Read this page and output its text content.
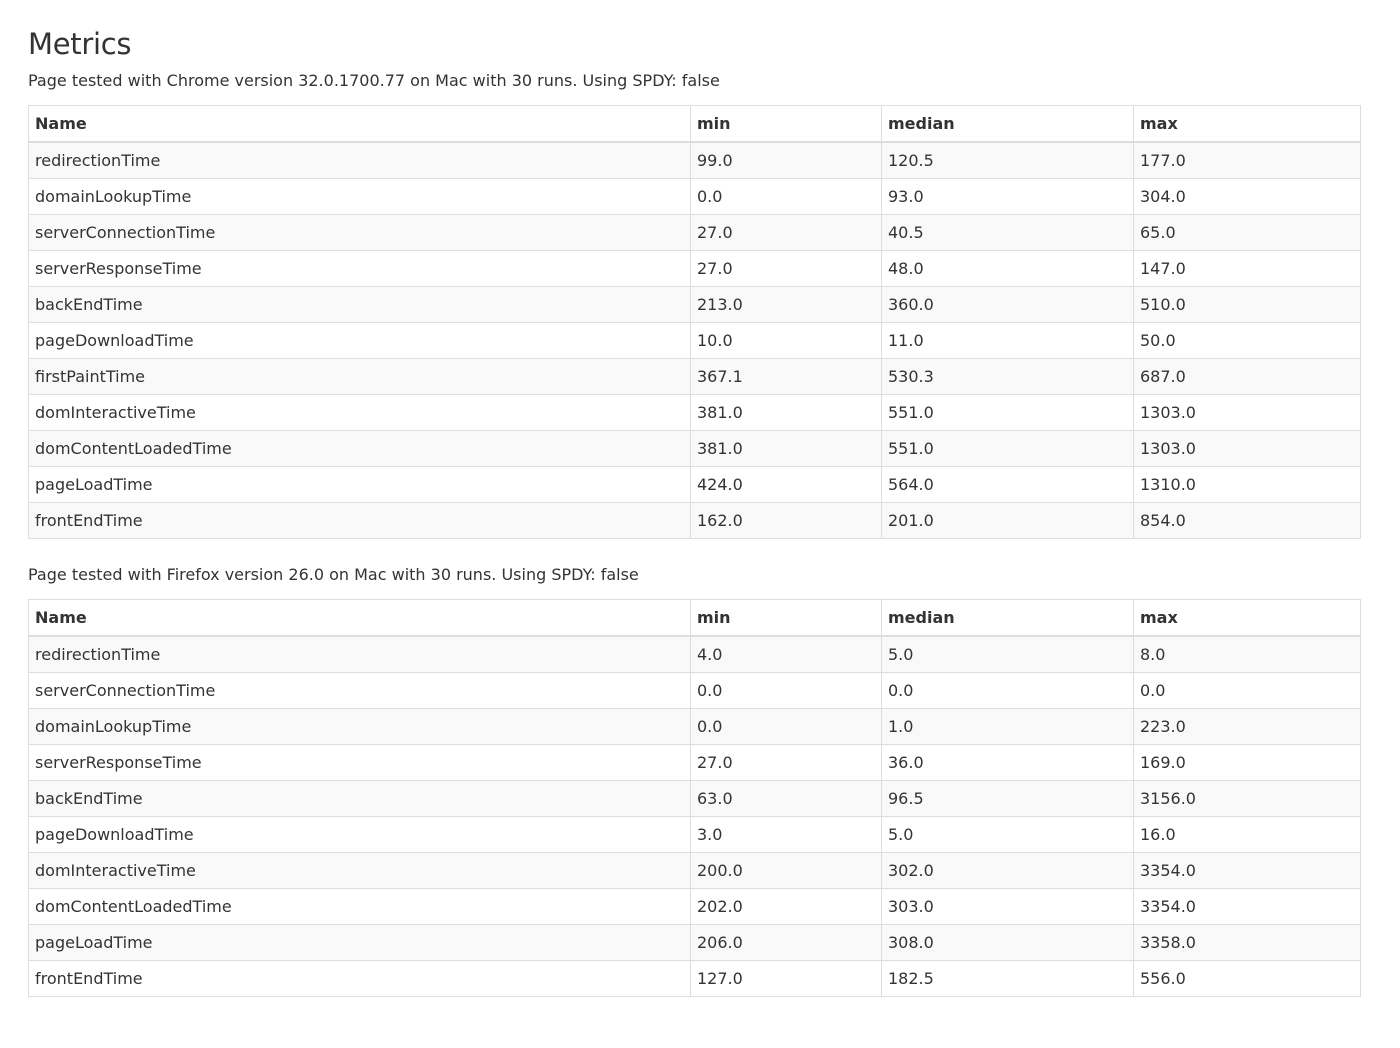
Metrics

Page tested with Chrome version 32.0.1700.77 on Mac with 30 runs. Using SPDY: false

Name	min	median	max
redirectionTime	99.0	120.5	177.0
domainLookupTime	0.0	93.0	304.0
serverConnectionTime	27.0	40.5	65.0
serverResponseTime	27.0	48.0	147.0
backEndTime	213.0	360.0	510.0
pageDownloadTime	10.0	11.0	50.0
firstPaintTime	367.1	530.3	687.0
domInteractiveTime	381.0	551.0	1303.0
domContentLoadedTime	381.0	551.0	1303.0
pageLoadTime	424.0	564.0	1310.0
frontEndTime	162.0	201.0	854.0

Page tested with Firefox version 26.0 on Mac with 30 runs. Using SPDY: false

Name	min	median	max
redirectionTime	4.0	5.0	8.0
serverConnectionTime	0.0	0.0	0.0
domainLookupTime	0.0	1.0	223.0
serverResponseTime	27.0	36.0	169.0
backEndTime	63.0	96.5	3156.0
pageDownloadTime	3.0	5.0	16.0
domInteractiveTime	200.0	302.0	3354.0
domContentLoadedTime	202.0	303.0	3354.0
pageLoadTime	206.0	308.0	3358.0
frontEndTime	127.0	182.5	556.0
